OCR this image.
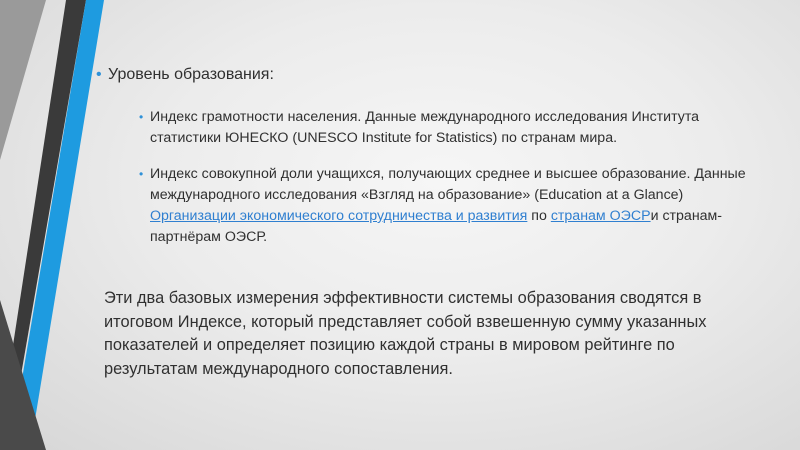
• Уровень образования:
• Индекс грамотности населения. Данные международного исследования Института статистики ЮНЕСКО (UNESCO Institute for Statistics) по странам мира.
• Индекс совокупной доли учащихся, получающих среднее и высшее образование. Данные международного исследования «Взгляд на образование» (Education at a Glance) Организации экономического сотрудничества и развития по странам ОЭСРи странам-партнёрам ОЭСР.
Эти два базовых измерения эффективности системы образования сводятся в итоговом Индексе, который представляет собой взвешенную сумму указанных показателей и определяет позицию каждой страны в мировом рейтинге по результатам международного сопоставления.
